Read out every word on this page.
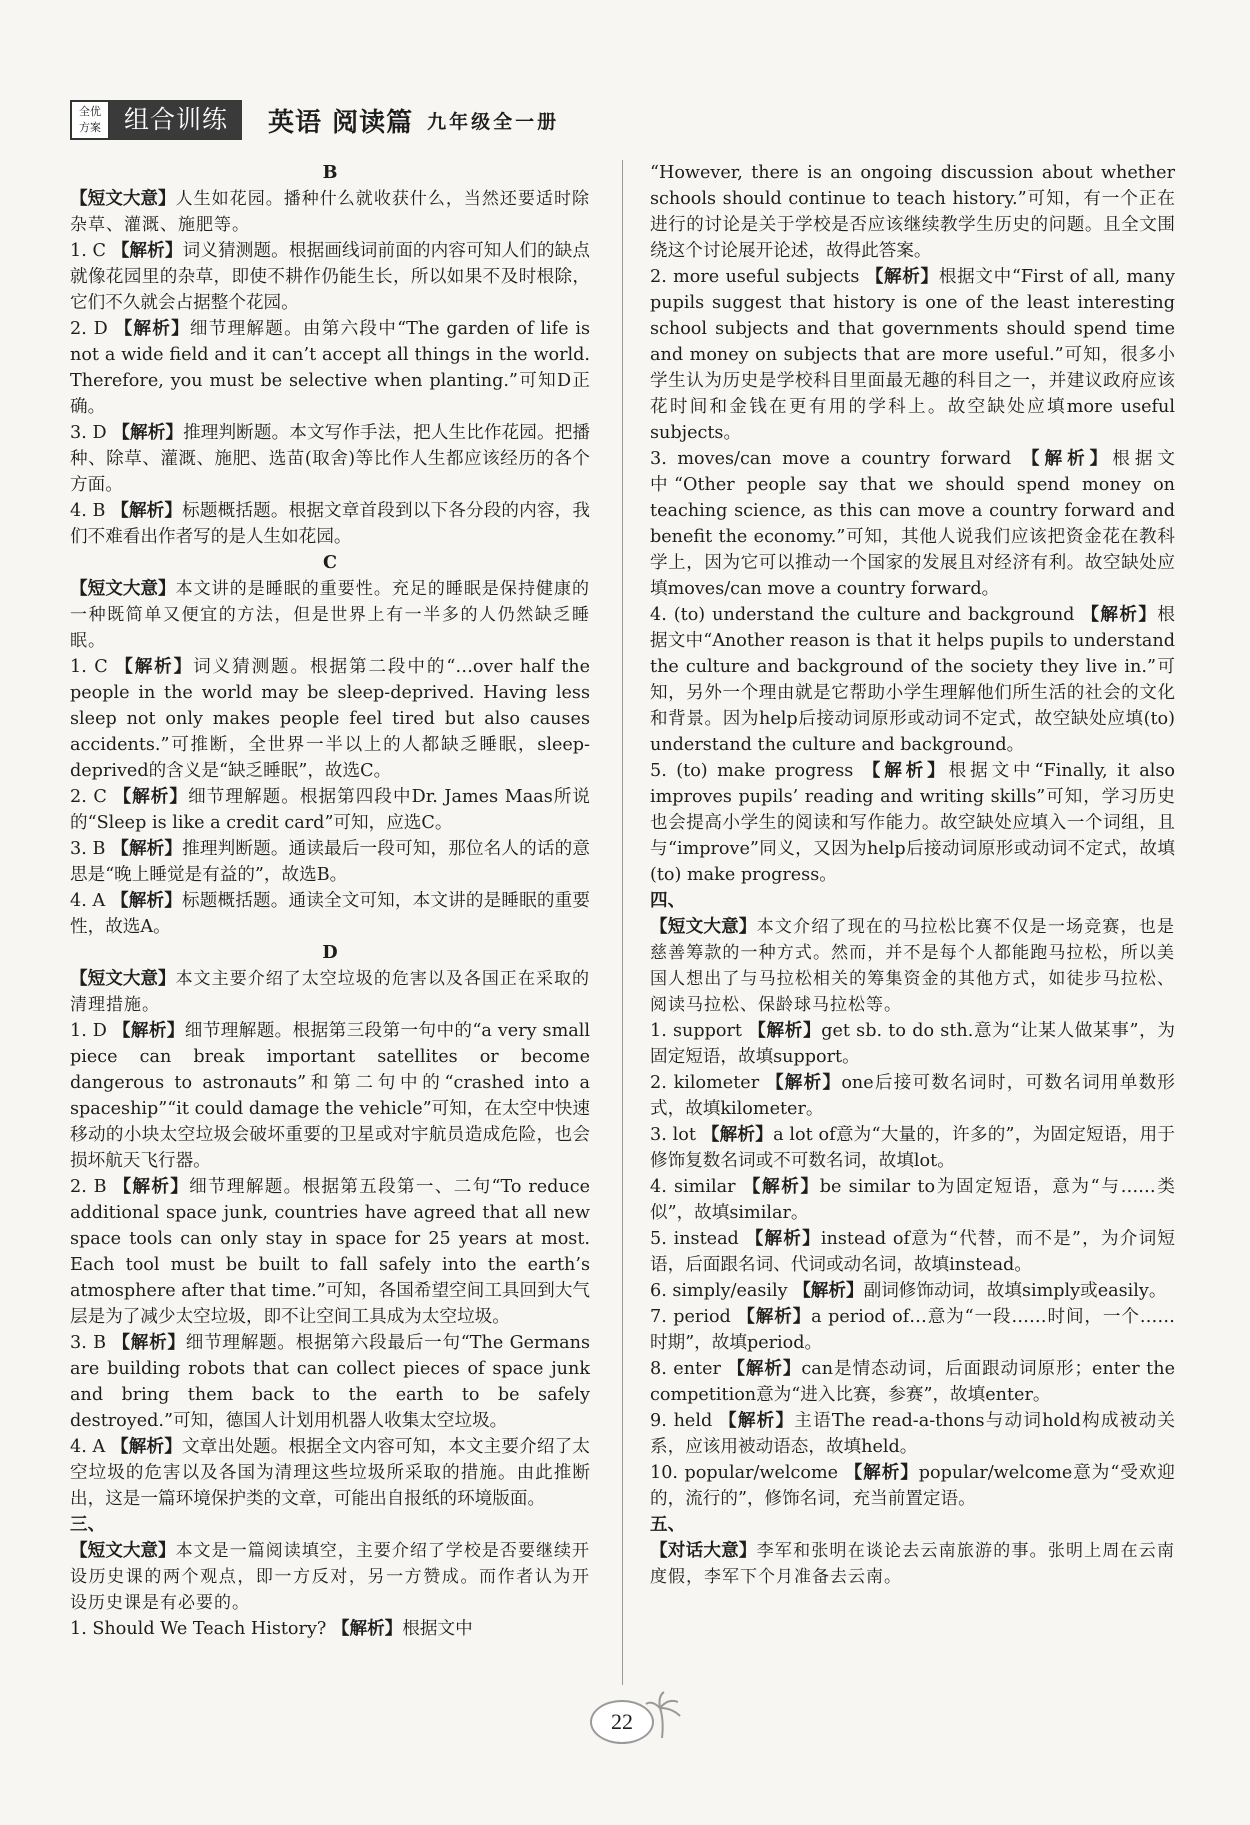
全优
方案 组合训练	英语 阅读篇 九年级全一册

B

【短文大意】人生如花园。播种什么就收获什么，当然还要适时除杂草、灌溉、施肥等。

1. C 【解析】词义猜测题。根据画线词前面的内容可知人们的缺点就像花园里的杂草，即使不耕作仍能生长，所以如果不及时根除，它们不久就会占据整个花园。

2. D 【解析】细节理解题。由第六段中“The garden of life is not a wide field and it can’t accept all things in the world. Therefore, you must be selective when planting.”可知D正确。

3. D 【解析】推理判断题。本文写作手法，把人生比作花园。把播种、除草、灌溉、施肥、选苗(取舍)等比作人生都应该经历的各个方面。

4. B 【解析】标题概括题。根据文章首段到以下各分段的内容，我们不难看出作者写的是人生如花园。

C

【短文大意】本文讲的是睡眠的重要性。充足的睡眠是保持健康的一种既简单又便宜的方法，但是世界上有一半多的人仍然缺乏睡眠。

1. C 【解析】词义猜测题。根据第二段中的“…over half the people in the world may be sleep-deprived. Having less sleep not only makes people feel tired but also causes accidents.”可推断，全世界一半以上的人都缺乏睡眠，sleep-deprived的含义是“缺乏睡眠”，故选C。

2. C 【解析】细节理解题。根据第四段中Dr. James Maas所说的“Sleep is like a credit card”可知，应选C。

3. B 【解析】推理判断题。通读最后一段可知，那位名人的话的意思是“晚上睡觉是有益的”，故选B。

4. A 【解析】标题概括题。通读全文可知，本文讲的是睡眠的重要性，故选A。

D

【短文大意】本文主要介绍了太空垃圾的危害以及各国正在采取的清理措施。

1. D 【解析】细节理解题。根据第三段第一句中的“a very small piece can break important satellites or become dangerous to astronauts”和第二句中的“crashed into a spaceship”“it could damage the vehicle”可知，在太空中快速移动的小块太空垃圾会破坏重要的卫星或对宇航员造成危险，也会损坏航天飞行器。

2. B 【解析】细节理解题。根据第五段第一、二句“To reduce additional space junk, countries have agreed that all new space tools can only stay in space for 25 years at most. Each tool must be built to fall safely into the earth’s atmosphere after that time.”可知，各国希望空间工具回到大气层是为了减少太空垃圾，即不让空间工具成为太空垃圾。

3. B 【解析】细节理解题。根据第六段最后一句“The Germans are building robots that can collect pieces of space junk and bring them back to the earth to be safely destroyed.”可知，德国人计划用机器人收集太空垃圾。

4. A 【解析】文章出处题。根据全文内容可知，本文主要介绍了太空垃圾的危害以及各国为清理这些垃圾所采取的措施。由此推断出，这是一篇环境保护类的文章，可能出自报纸的环境版面。

三、

【短文大意】本文是一篇阅读填空，主要介绍了学校是否要继续开设历史课的两个观点，即一方反对，另一方赞成。而作者认为开设历史课是有必要的。

1. Should We Teach History? 【解析】根据文中

“However, there is an ongoing discussion about whether schools should continue to teach history.”可知，有一个正在进行的讨论是关于学校是否应该继续教学生历史的问题。且全文围绕这个讨论展开论述，故得此答案。

2. more useful subjects 【解析】根据文中“First of all, many pupils suggest that history is one of the least interesting school subjects and that governments should spend time and money on subjects that are more useful.”可知，很多小学生认为历史是学校科目里面最无趣的科目之一，并建议政府应该花时间和金钱在更有用的学科上。故空缺处应填more useful subjects。

3. moves/can move a country forward 【解析】根据文中“Other people say that we should spend money on teaching science, as this can move a country forward and benefit the economy.”可知，其他人说我们应该把资金花在教科学上，因为它可以推动一个国家的发展且对经济有利。故空缺处应填moves/can move a country forward。

4. (to) understand the culture and background 【解析】根据文中“Another reason is that it helps pupils to understand the culture and background of the society they live in.”可知，另外一个理由就是它帮助小学生理解他们所生活的社会的文化和背景。因为help后接动词原形或动词不定式，故空缺处应填(to) understand the culture and background。

5. (to) make progress 【解析】根据文中“Finally, it also improves pupils’ reading and writing skills”可知，学习历史也会提高小学生的阅读和写作能力。故空缺处应填入一个词组，且与“improve”同义，又因为help后接动词原形或动词不定式，故填(to) make progress。

四、

【短文大意】本文介绍了现在的马拉松比赛不仅是一场竞赛，也是慈善筹款的一种方式。然而，并不是每个人都能跑马拉松，所以美国人想出了与马拉松相关的筹集资金的其他方式，如徒步马拉松、阅读马拉松、保龄球马拉松等。

1. support 【解析】get sb. to do sth.意为“让某人做某事”，为固定短语，故填support。

2. kilometer 【解析】one后接可数名词时，可数名词用单数形式，故填kilometer。

3. lot 【解析】a lot of意为“大量的，许多的”，为固定短语，用于修饰复数名词或不可数名词，故填lot。

4. similar 【解析】be similar to为固定短语，意为“与……类似”，故填similar。

5. instead 【解析】instead of意为“代替，而不是”，为介词短语，后面跟名词、代词或动名词，故填instead。

6. simply/easily 【解析】副词修饰动词，故填simply或easily。

7. period 【解析】a period of…意为“一段……时间，一个……时期”，故填period。

8. enter 【解析】can是情态动词，后面跟动词原形；enter the competition意为“进入比赛，参赛”，故填enter。

9. held 【解析】主语The read-a-thons与动词hold构成被动关系，应该用被动语态，故填held。

10. popular/welcome 【解析】popular/welcome意为“受欢迎的，流行的”，修饰名词，充当前置定语。

五、

【对话大意】李军和张明在谈论去云南旅游的事。张明上周在云南度假，李军下个月准备去云南。

22
